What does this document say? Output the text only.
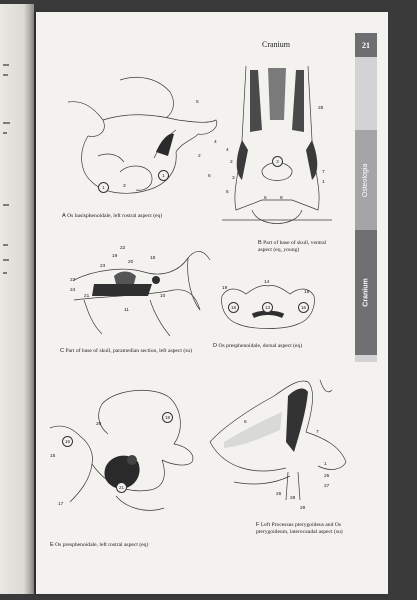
Cranium	21
Osteologia
Cranium
5
4
2
6
3
1
1
A Os basisphenoidale, left rostral aspect (eq)
28
4
2
3
7
1
5
6	8
3
B Part of base of skull, ventral aspect (eq, young)
22
19
23
20
18
22
24
10
21
11
C Part of base of skull, paramedian section, left aspect (su)
14
15
19
18	13	16
D Os presphenoidale, dorsal aspect (eq)
18
20
16
15
17
21
E Os presphenoidale, left rostral aspect (eq)
6
7
1
25
27
26
28
29
F Left Processus pterygoideus and Os pterygoideum, laterocaudal aspect (su)
